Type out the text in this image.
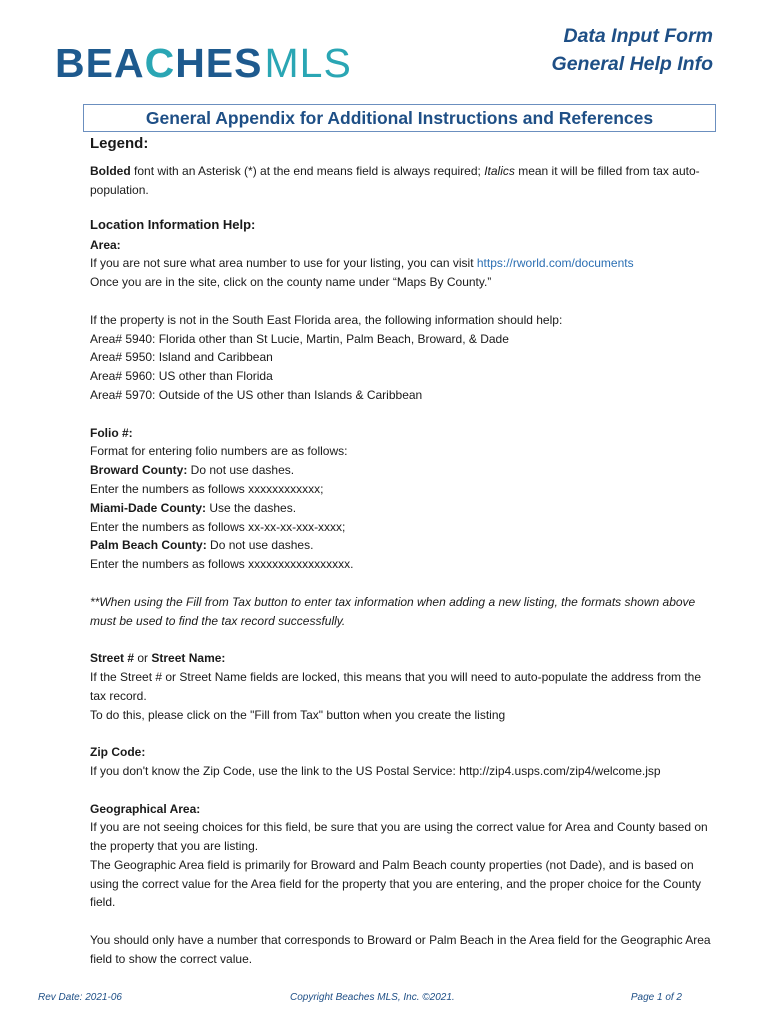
BEACHES MLS
Data Input Form
General Help Info
General Appendix for Additional Instructions and References
Legend:

Bolded font with an Asterisk (*) at the end means field is always required; Italics mean it will be filled from tax auto-population.

Location Information Help:
Area:

If you are not sure what area number to use for your listing, you can visit https://rworld.com/documents

Once you are in the site, click on the county name under “Maps By County.”

If the property is not in the South East Florida area, the following information should help:

Area# 5940: Florida other than St Lucie, Martin, Palm Beach, Broward, & Dade

Area# 5950: Island and Caribbean

Area# 5960: US other than Florida

Area# 5970: Outside of the US other than Islands & Caribbean

Folio #:

Format for entering folio numbers are as follows:

Broward County: Do not use dashes.

Enter the numbers as follows xxxxxxxxxxxx;

Miami-Dade County: Use the dashes.

Enter the numbers as follows xx-xx-xx-xxx-xxxx;

Palm Beach County: Do not use dashes.

Enter the numbers as follows xxxxxxxxxxxxxxxxx.

**When using the Fill from Tax button to enter tax information when adding a new listing, the formats shown above must be used to find the tax record successfully.

Street # or Street Name:

If the Street # or Street Name fields are locked, this means that you will need to auto-populate the address from the tax record.

To do this, please click on the "Fill from Tax" button when you create the listing

Zip Code:

If you don't know the Zip Code, use the link to the US Postal Service: http://zip4.usps.com/zip4/welcome.jsp

Geographical Area:

If you are not seeing choices for this field, be sure that you are using the correct value for Area and County based on the property that you are listing.

The Geographic Area field is primarily for Broward and Palm Beach county properties (not Dade), and is based on using the correct value for the Area field for the property that you are entering, and the proper choice for the County field.

You should only have a number that corresponds to Broward or Palm Beach in the Area field for the Geographic Area field to show the correct value.

Rev Date: 2021-06	Copyright Beaches MLS, Inc. ©2021.	Page 1 of 2
